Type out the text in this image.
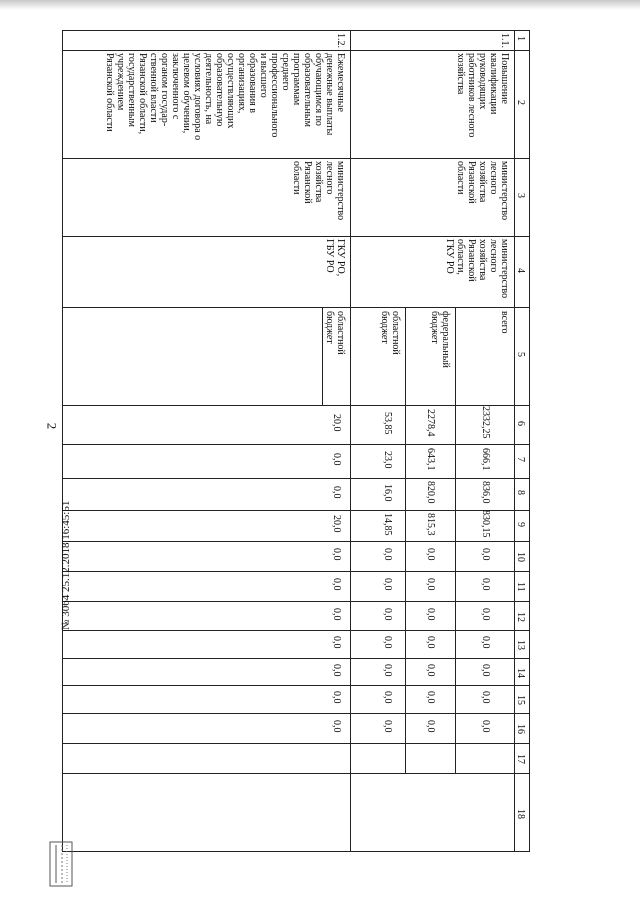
2
1
2
3
4
5
6
7
8
9
10
11
12
13
14
15
16
17
18
1.1.
Повышение
квалификации
руководящих
работников лесного
хозяйства
министерство
лесного
хозяйства
Рязанской
области
министерство
лесного
хозяйства
Рязанской
области,
ГКУ РО
всего
2332,25
666,1
836,0
830,15
0,0
0,0
0,0
0,0
0,0
0,0
0,0
федеральный
бюджет
2278,4
643,1
820,0
815,3
0,0
0,0
0,0
0,0
0,0
0,0
0,0
областной
бюджет
53,85
23,0
16,0
14,85
0,0
0,0
0,0
0,0
0,0
0,0
0,0
1.2.
Ежемесячные
денежные выплаты
обучающимся по
образовательным
программам
среднего
профессионального
и высшего
образования в
организациях,
осуществляющих
образовательную
деятельность, на
условиях договора о
целевом обучении,
заключенного с
органом государ-
ственной власти
Рязанской области,
государственным
учреждением
Рязанской области
министерство
лесного
хозяйства
Рязанской
области
ГКУ РО,
ГБУ РО
областной
бюджет
20,0
0,0
0,0
20,0
0,0
0,0
0,0
0,0
0,0
0,0
0,0
№ 3064 25.12.2018 16:45:51
